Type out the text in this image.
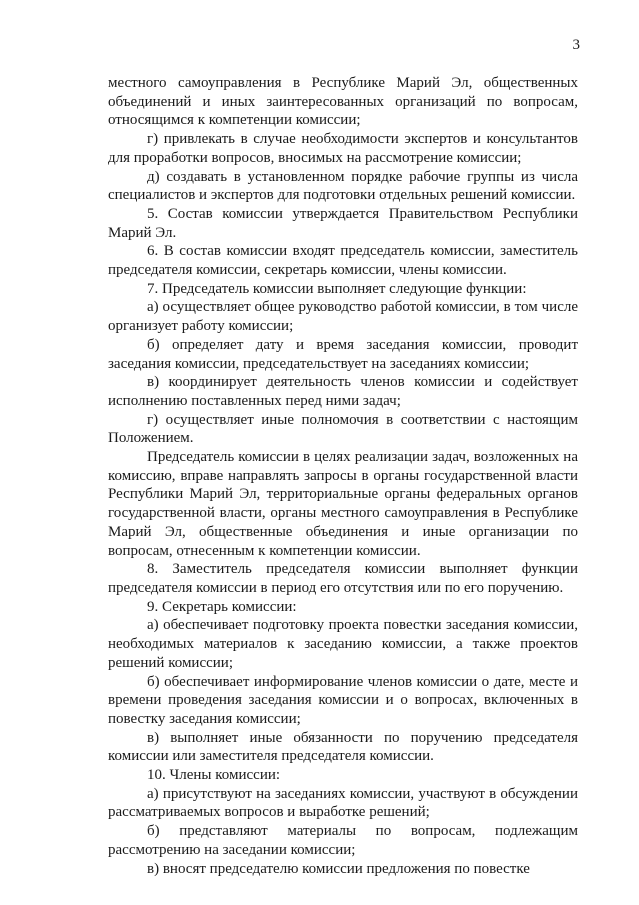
3

местного самоуправления в Республике Марий Эл, общественных объединений и иных заинтересованных организаций по вопросам, относящимся к компетенции комиссии;

г) привлекать в случае необходимости экспертов и консультантов для проработки вопросов, вносимых на рассмотрение комиссии;

д) создавать в установленном порядке рабочие группы из числа специалистов и экспертов для подготовки отдельных решений комиссии.

5. Состав комиссии утверждается Правительством Республики Марий Эл.

6. В состав комиссии входят председатель комиссии, заместитель председателя комиссии, секретарь комиссии, члены комиссии.

7. Председатель комиссии выполняет следующие функции:

а) осуществляет общее руководство работой комиссии, в том числе организует работу комиссии;

б) определяет дату и время заседания комиссии, проводит заседания комиссии, председательствует на заседаниях комиссии;

в) координирует деятельность членов комиссии и содействует исполнению поставленных перед ними задач;

г) осуществляет иные полномочия в соответствии с настоящим Положением.

Председатель комиссии в целях реализации задач, возложенных на комиссию, вправе направлять запросы в органы государственной власти Республики Марий Эл, территориальные органы федеральных органов государственной власти, органы местного самоуправления в Республике Марий Эл, общественные объединения и иные организации по вопросам, отнесенным к компетенции комиссии.

8. Заместитель председателя комиссии выполняет функции председателя комиссии в период его отсутствия или по его поручению.

9. Секретарь комиссии:

а) обеспечивает подготовку проекта повестки заседания комиссии, необходимых материалов к заседанию комиссии, а также проектов решений комиссии;

б) обеспечивает информирование членов комиссии о дате, месте и времени проведения заседания комиссии и о вопросах, включенных в повестку заседания комиссии;

в) выполняет иные обязанности по поручению председателя комиссии или заместителя председателя комиссии.

10. Члены комиссии:

а) присутствуют на заседаниях комиссии, участвуют в обсуждении рассматриваемых вопросов и выработке решений;

б) представляют материалы по вопросам, подлежащим рассмотрению на заседании комиссии;

в) вносят председателю комиссии предложения по повестке
